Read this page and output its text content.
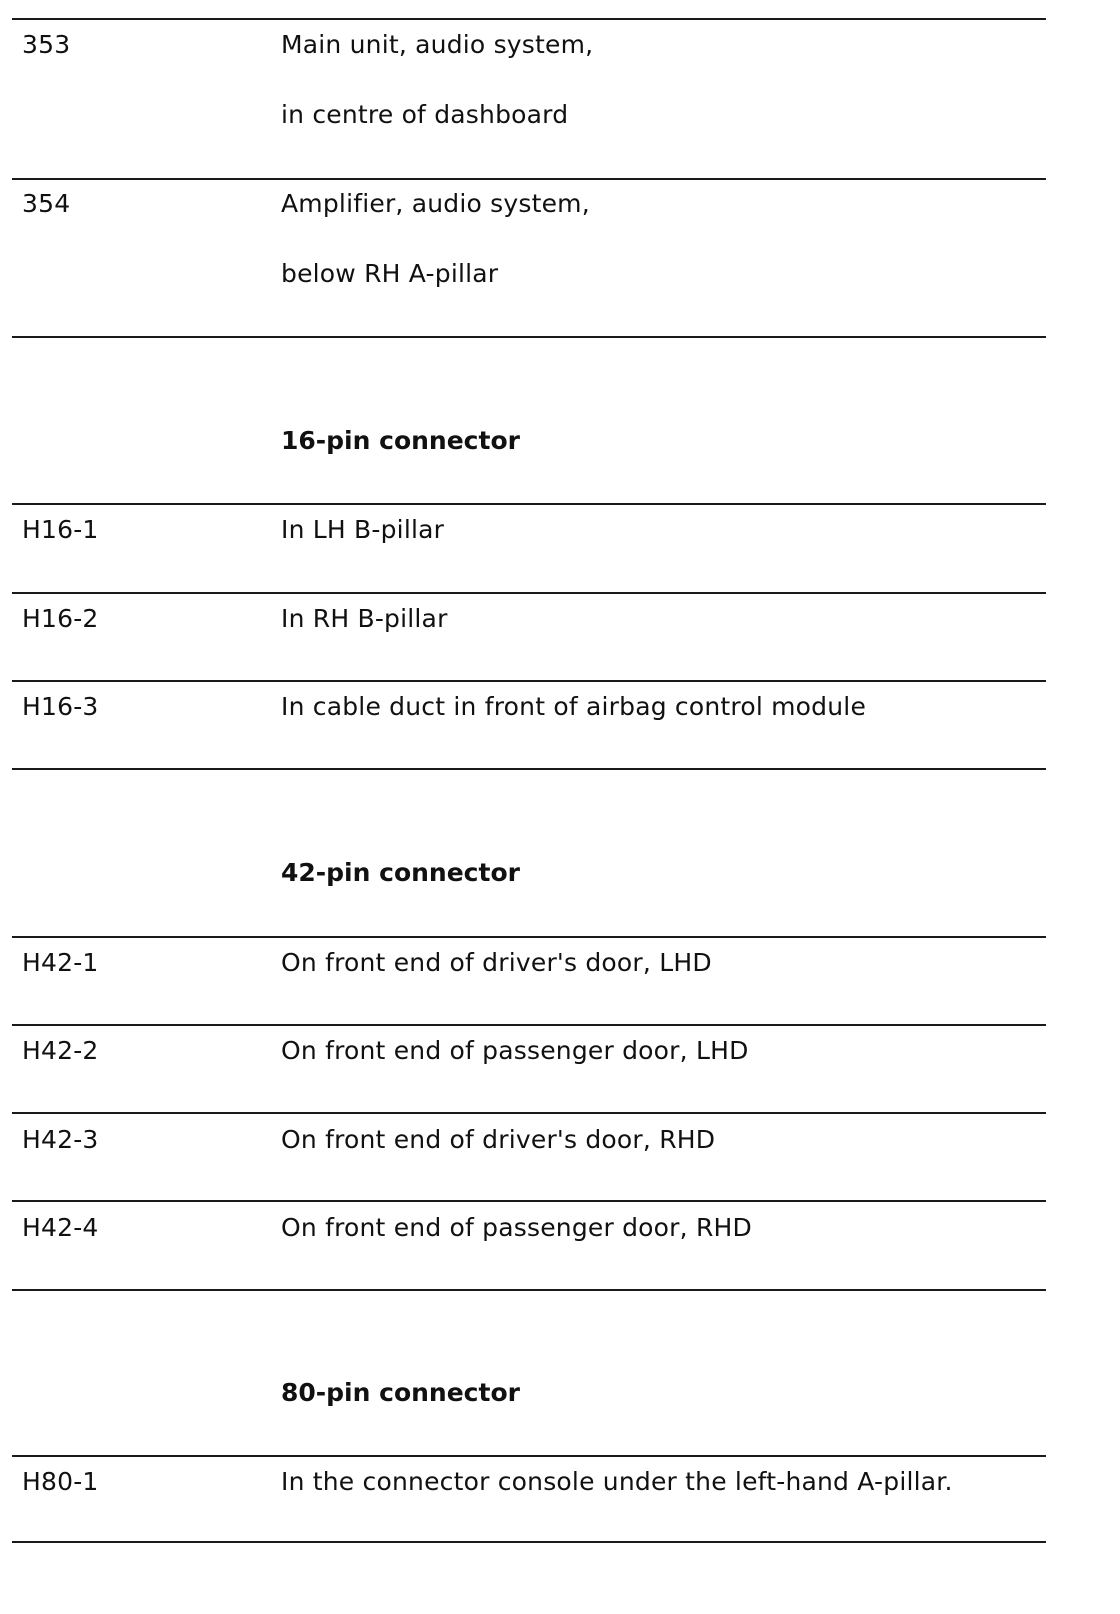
353	Main unit, audio system,
in centre of dashboard
354	Amplifier, audio system,
below RH A-pillar
16-pin connector
H16-1	In LH B-pillar
H16-2	In RH B-pillar
H16-3	In cable duct in front of airbag control module
42-pin connector
H42-1	On front end of driver's door, LHD
H42-2	On front end of passenger door, LHD
H42-3	On front end of driver's door, RHD
H42-4	On front end of passenger door, RHD
80-pin connector
H80-1	In the connector console under the left-hand A-pillar.
